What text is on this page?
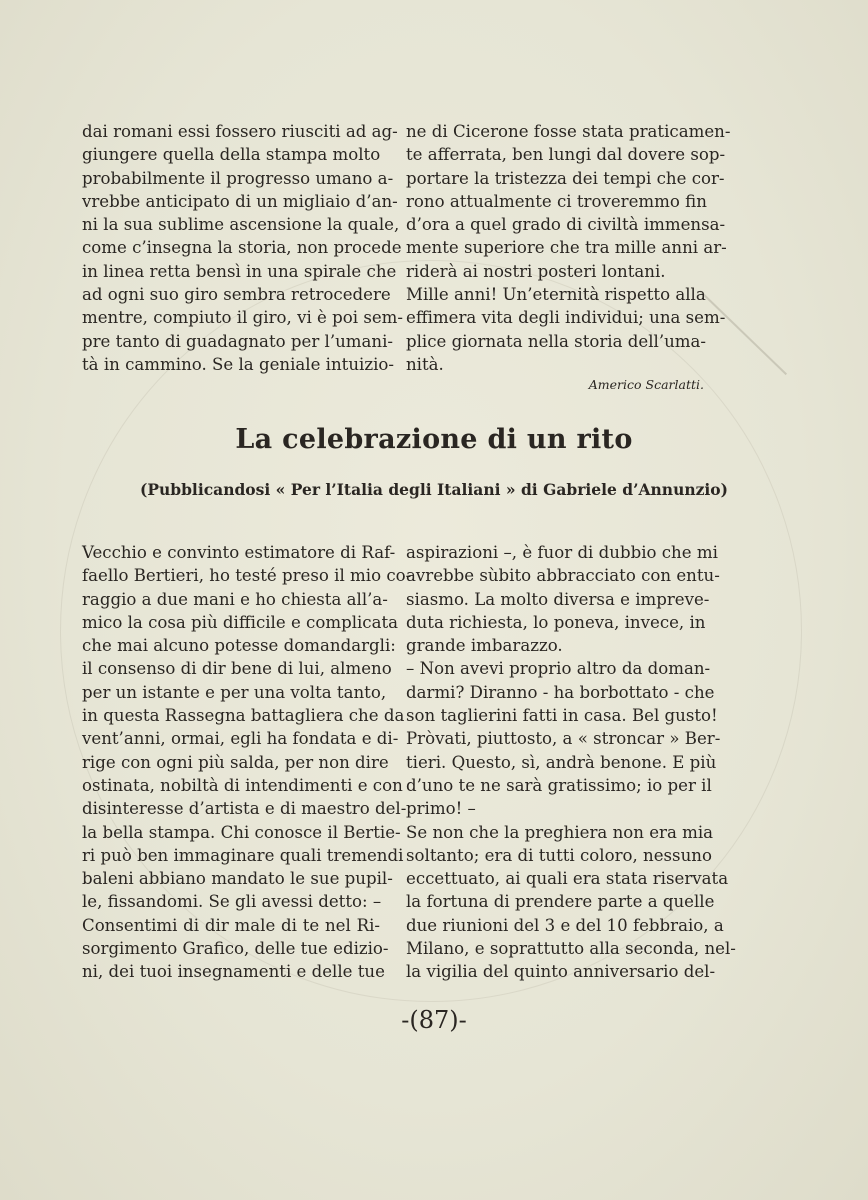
dai romani essi fossero riusciti ad ag-
giungere quella della stampa molto
probabilmente il progresso umano a-
vrebbe anticipato di un migliaio d’an-
ni la sua sublime ascensione la quale,
come c’insegna la storia, non procede
in linea retta bensì in una spirale che
ad ogni suo giro sembra retrocedere
mentre, compiuto il giro, vi è poi sem-
pre tanto di guadagnato per l’umani-
tà in cammino. Se la geniale intuizio-
ne di Cicerone fosse stata praticamen-
te afferrata, ben lungi dal dovere sop-
portare la tristezza dei tempi che cor-
rono attualmente ci troveremmo fin
d’ora a quel grado di civiltà immensa-
mente superiore che tra mille anni ar-
riderà ai nostri posteri lontani.
Mille anni! Un’eternità rispetto alla
effimera vita degli individui; una sem-
plice giornata nella storia dell’uma-
nità.
Americo Scarlatti.
La celebrazione di un rito
(Pubblicandosi « Per l’Italia degli Italiani » di Gabriele d’Annunzio)
Vecchio e convinto estimatore di Raf-
faello Bertieri, ho testé preso il mio co-
raggio a due mani e ho chiesta all’a-
mico la cosa più difficile e complicata
che mai alcuno potesse domandargli:
il consenso di dir bene di lui, almeno
per un istante e per una volta tanto,
in questa Rassegna battagliera che da
vent’anni, ormai, egli ha fondata e di-
rige con ogni più salda, per non dire
ostinata, nobiltà di intendimenti e con
disinteresse d’artista e di maestro del-
la bella stampa. Chi conosce il Bertie-
ri può ben immaginare quali tremendi
baleni abbiano mandato le sue pupil-
le, fissandomi. Se gli avessi detto: –
Consentimi di dir male di te nel Ri-
sorgimento Grafico, delle tue edizio-
ni, dei tuoi insegnamenti e delle tue
aspirazioni –, è fuor di dubbio che mi
avrebbe sùbito abbracciato con entu-
siasmo. La molto diversa e impreve-
duta richiesta, lo poneva, invece, in
grande imbarazzo.
– Non avevi proprio altro da doman-
darmi? Diranno - ha borbottato - che
son taglierini fatti in casa. Bel gusto!
Pròvati, piuttosto, a « stroncar » Ber-
tieri. Questo, sì, andrà benone. E più
d’uno te ne sarà gratissimo; io per il
primo! –
Se non che la preghiera non era mia
soltanto; era di tutti coloro, nessuno
eccettuato, ai quali era stata riservata
la fortuna di prendere parte a quelle
due riunioni del 3 e del 10 febbraio, a
Milano, e soprattutto alla seconda, nel-
la vigilia del quinto anniversario del-
-(87)-
